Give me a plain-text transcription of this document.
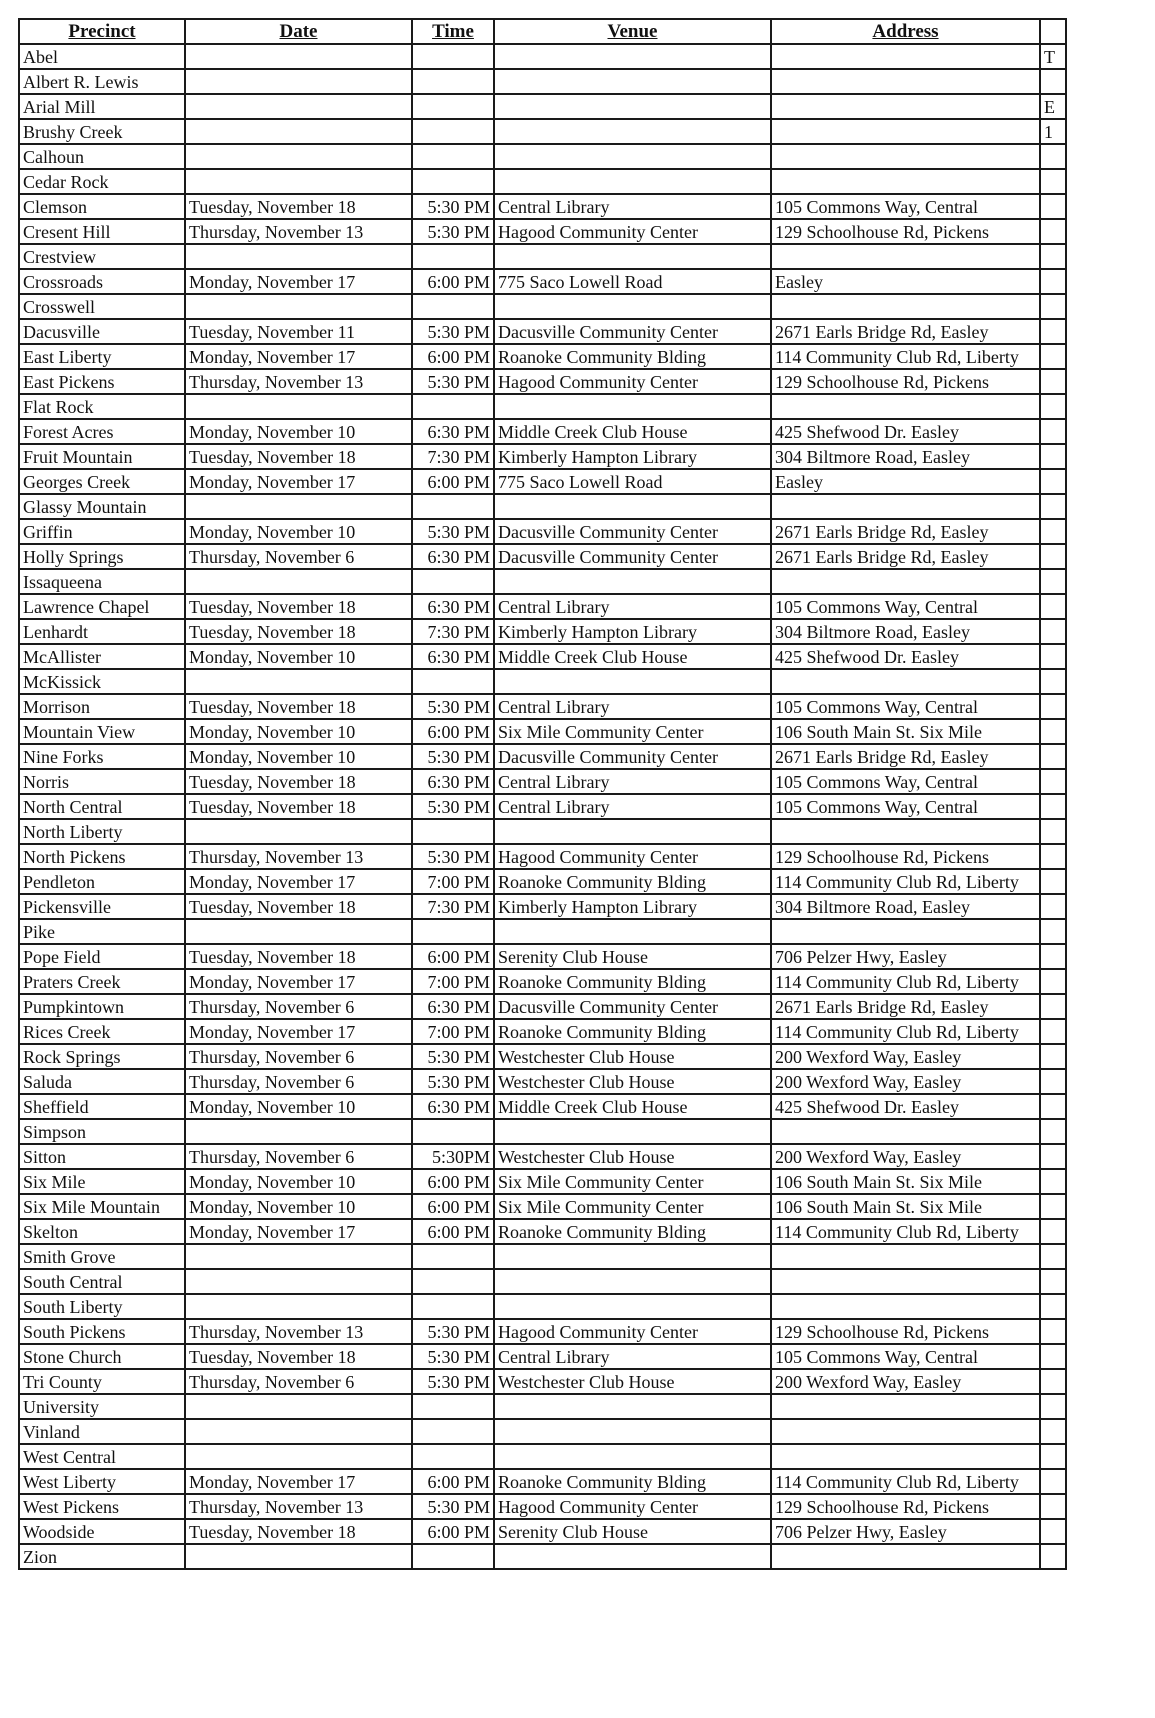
Precinct	Date	Time	Venue	Address	
Abel					T
Albert R. Lewis					
Arial Mill					E
Brushy Creek					1
Calhoun					
Cedar Rock					
Clemson	Tuesday, November 18	5:30 PM	Central Library	105 Commons Way, Central	
Cresent Hill	Thursday, November 13	5:30 PM	Hagood Community Center	129 Schoolhouse Rd, Pickens	
Crestview					
Crossroads	Monday, November 17	6:00 PM	775 Saco Lowell Road	Easley	
Crosswell					
Dacusville	Tuesday, November 11	5:30 PM	Dacusville Community Center	2671 Earls Bridge Rd, Easley	
East Liberty	Monday, November 17	6:00 PM	Roanoke Community Blding	114 Community Club Rd, Liberty	
East Pickens	Thursday, November 13	5:30 PM	Hagood Community Center	129 Schoolhouse Rd, Pickens	
Flat Rock					
Forest Acres	Monday, November 10	6:30 PM	Middle Creek Club House	425 Shefwood Dr. Easley	
Fruit Mountain	Tuesday, November 18	7:30 PM	Kimberly Hampton Library	304 Biltmore Road, Easley	
Georges Creek	Monday, November 17	6:00 PM	775 Saco Lowell Road	Easley	
Glassy Mountain					
Griffin	Monday, November 10	5:30 PM	Dacusville Community Center	2671 Earls Bridge Rd, Easley	
Holly Springs	Thursday, November 6	6:30 PM	Dacusville Community Center	2671 Earls Bridge Rd, Easley	
Issaqueena					
Lawrence Chapel	Tuesday, November 18	6:30 PM	Central Library	105 Commons Way, Central	
Lenhardt	Tuesday, November 18	7:30 PM	Kimberly Hampton Library	304 Biltmore Road, Easley	
McAllister	Monday, November 10	6:30 PM	Middle Creek Club House	425 Shefwood Dr. Easley	
McKissick					
Morrison	Tuesday, November 18	5:30 PM	Central Library	105 Commons Way, Central	
Mountain View	Monday, November 10	6:00 PM	Six Mile Community Center	106 South Main St. Six Mile	
Nine Forks	Monday, November 10	5:30 PM	Dacusville Community Center	2671 Earls Bridge Rd, Easley	
Norris	Tuesday, November 18	6:30 PM	Central Library	105 Commons Way, Central	
North Central	Tuesday, November 18	5:30 PM	Central Library	105 Commons Way, Central	
North Liberty					
North Pickens	Thursday, November 13	5:30 PM	Hagood Community Center	129 Schoolhouse Rd, Pickens	
Pendleton	Monday, November 17	7:00 PM	Roanoke Community Blding	114 Community Club Rd, Liberty	
Pickensville	Tuesday, November 18	7:30 PM	Kimberly Hampton Library	304 Biltmore Road, Easley	
Pike					
Pope Field	Tuesday, November 18	6:00 PM	Serenity Club House	706 Pelzer Hwy, Easley	
Praters Creek	Monday, November 17	7:00 PM	Roanoke Community Blding	114 Community Club Rd, Liberty	
Pumpkintown	Thursday, November 6	6:30 PM	Dacusville Community Center	2671 Earls Bridge Rd, Easley	
Rices Creek	Monday, November 17	7:00 PM	Roanoke Community Blding	114 Community Club Rd, Liberty	
Rock Springs	Thursday, November 6	5:30 PM	Westchester Club House	200 Wexford Way, Easley	
Saluda	Thursday, November 6	5:30 PM	Westchester Club House	200 Wexford Way, Easley	
Sheffield	Monday, November 10	6:30 PM	Middle Creek Club House	425 Shefwood Dr. Easley	
Simpson					
Sitton	Thursday, November 6	5:30PM	Westchester Club House	200 Wexford Way, Easley	
Six Mile	Monday, November 10	6:00 PM	Six Mile Community Center	106 South Main St. Six Mile	
Six Mile Mountain	Monday, November 10	6:00 PM	Six Mile Community Center	106 South Main St. Six Mile	
Skelton	Monday, November 17	6:00 PM	Roanoke Community Blding	114 Community Club Rd, Liberty	
Smith Grove					
South Central					
South Liberty					
South Pickens	Thursday, November 13	5:30 PM	Hagood Community Center	129 Schoolhouse Rd, Pickens	
Stone Church	Tuesday, November 18	5:30 PM	Central Library	105 Commons Way, Central	
Tri County	Thursday, November 6	5:30 PM	Westchester Club House	200 Wexford Way, Easley	
University					
Vinland					
West Central					
West Liberty	Monday, November 17	6:00 PM	Roanoke Community Blding	114 Community Club Rd, Liberty	
West Pickens	Thursday, November 13	5:30 PM	Hagood Community Center	129 Schoolhouse Rd, Pickens	
Woodside	Tuesday, November 18	6:00 PM	Serenity Club House	706 Pelzer Hwy, Easley	
Zion					
